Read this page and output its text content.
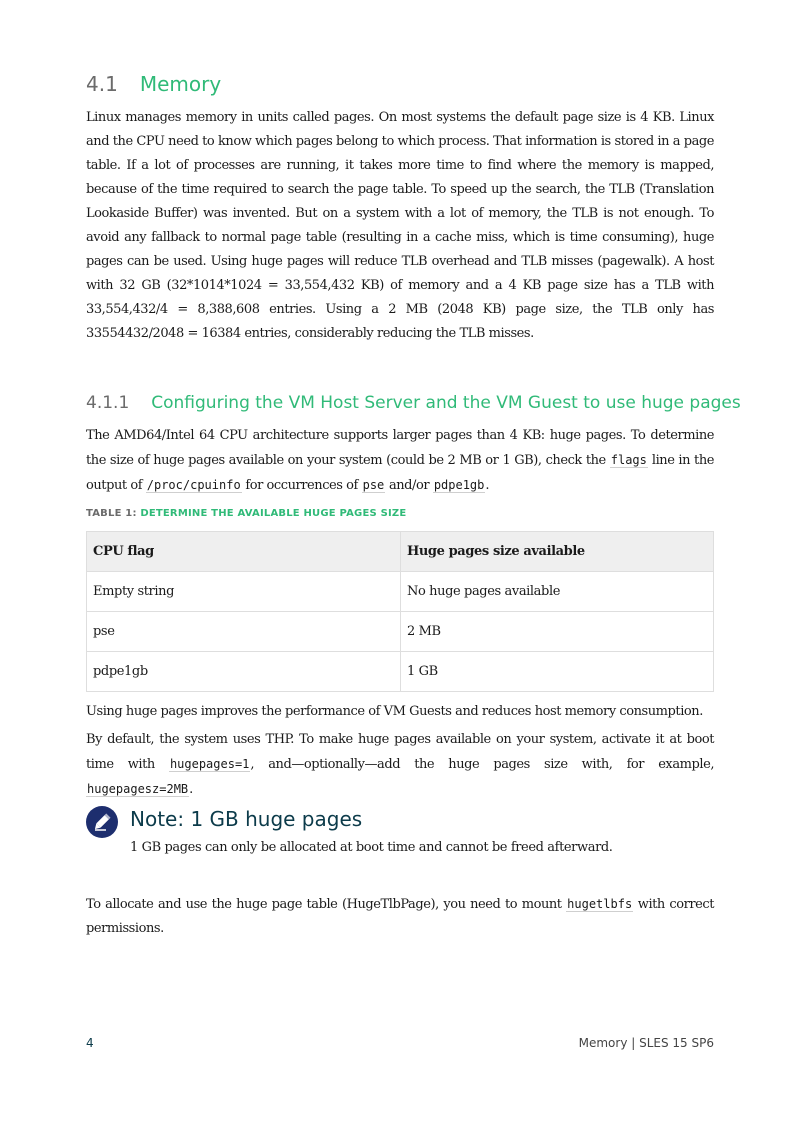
4.1 Memory

Linux manages memory in units called pages. On most systems the default page size is 4 KB. Linux and the CPU need to know which pages belong to which process. That information is stored in a page table. If a lot of processes are running, it takes more time to find where the memory is mapped, because of the time required to search the page table. To speed up the search, the TLB (Translation Lookaside Buffer) was invented. But on a system with a lot of memory, the TLB is not enough. To avoid any fallback to normal page table (resulting in a cache miss, which is time consuming), huge pages can be used. Using huge pages will reduce TLB overhead and TLB misses (pagewalk). A host with 32 GB (32*1014*1024 = 33,554,432 KB) of memory and a 4 KB page size has a TLB with 33,554,432/4 = 8,388,608 entries. Using a 2 MB (2048 KB) page size, the TLB only has 33554432/2048 = 16384 entries, considerably reducing the TLB misses.

4.1.1 Configuring the VM Host Server and the VM Guest to use huge pages

The AMD64/Intel 64 CPU architecture supports larger pages than 4 KB: huge pages. To determine the size of huge pages available on your system (could be 2 MB or 1 GB), check the flags line in the output of /proc/cpuinfo for occurrences of pse and/or pdpe1gb.

TABLE 1: DETERMINE THE AVAILABLE HUGE PAGES SIZE

CPU flag	Huge pages size available
Empty string	No huge pages available
pse	2 MB
pdpe1gb	1 GB

Using huge pages improves the performance of VM Guests and reduces host memory consumption.

By default, the system uses THP. To make huge pages available on your system, activate it at boot time with hugepages=1, and—optionally—add the huge pages size with, for example, hugepagesz=2MB.

Note: 1 GB huge pages

1 GB pages can only be allocated at boot time and cannot be freed afterward.

To allocate and use the huge page table (HugeTlbPage), you need to mount hugetlbfs with correct permissions.

4	Memory | SLES 15 SP6
